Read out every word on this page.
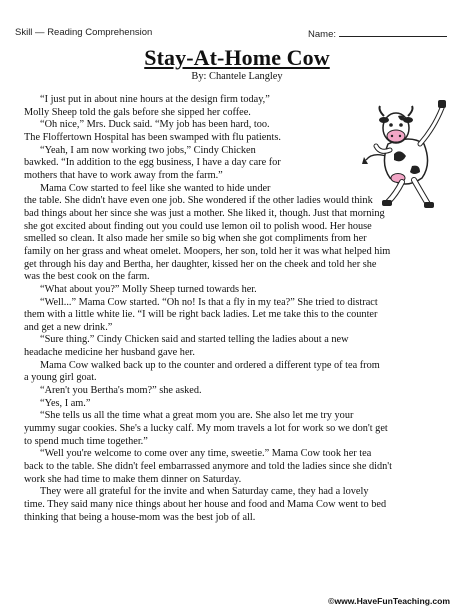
Skill — Reading Comprehension	Name:
Stay-At-Home Cow
By: Chantele Langley

“I just put in about nine hours at the design firm today,”

Molly Sheep told the gals before she sipped her coffee.

“Oh nice,” Mrs. Duck said. “My job has been hard, too.

The Floffertown Hospital has been swamped with flu patients.

“Yeah, I am now working two jobs,” Cindy Chicken

bawked. “In addition to the egg business, I have a day care for

mothers that have to work away from the farm.”

Mama Cow started to feel like she wanted to hide under

the table. She didn't have even one job. She wondered if the other ladies would think

bad things about her since she was just a mother. She liked it, though. Just that morning

she got excited about finding out you could use lemon oil to polish wood. Her house

smelled so clean. It also made her smile so big when she got compliments from her

family on her grass and wheat omelet. Moopers, her son, told her it was what helped him

get through his day and Bertha, her daughter, kissed her on the cheek and told her she

was the best cook on the farm.

“What about you?” Molly Sheep turned towards her.

“Well...” Mama Cow started. “Oh no! Is that a fly in my tea?” She tried to distract

them with a little white lie. “I will be right back ladies. Let me take this to the counter

and get a new drink.”

“Sure thing.” Cindy Chicken said and started telling the ladies about a new

headache medicine her husband gave her.

Mama Cow walked back up to the counter and ordered a different type of tea from

a young girl goat.

“Aren't you Bertha's mom?” she asked.

“Yes, I am.”

“She tells us all the time what a great mom you are. She also let me try your

yummy sugar cookies. She's a lucky calf. My mom travels a lot for work so we don't get

to spend much time together.”

“Well you're welcome to come over any time, sweetie.” Mama Cow took her tea

back to the table. She didn't feel embarrassed anymore and told the ladies since she didn't

work she had time to make them dinner on Saturday.

They were all grateful for the invite and when Saturday came, they had a lovely

time. They said many nice things about her house and food and Mama Cow went to bed

thinking that being a house-mom was the best job of all.

©www.HaveFunTeaching.com
